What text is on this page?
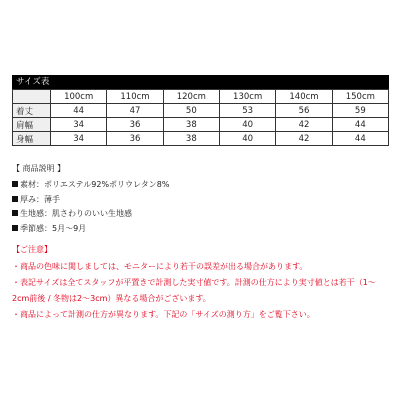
サイズ表
	100cm	110cm	120cm	130cm	140cm	150cm
着丈	44	47	50	53	56	59
肩幅	34	36	38	40	42	44
身幅	34	36	38	40	42	44
【 商品説明 】
素材：ポリエステル92%ポリウレタン8%
厚み：薄手
生地感：肌さわりのいい生地感
季節感：5月～9月
【ご注意】
・商品の色味に関しましては、モニターにより若干の誤差が出る場合があります。
・表記サイズは全てスタッフが平置きで計測した実寸値です。計測の仕方により実寸値とは若干（1～
2cm前後 / 冬物は2～3cm）異なる場合がございます。
・商品によって計測の仕方が異なります。下記の「サイズの測り方」をご覧下さい。
